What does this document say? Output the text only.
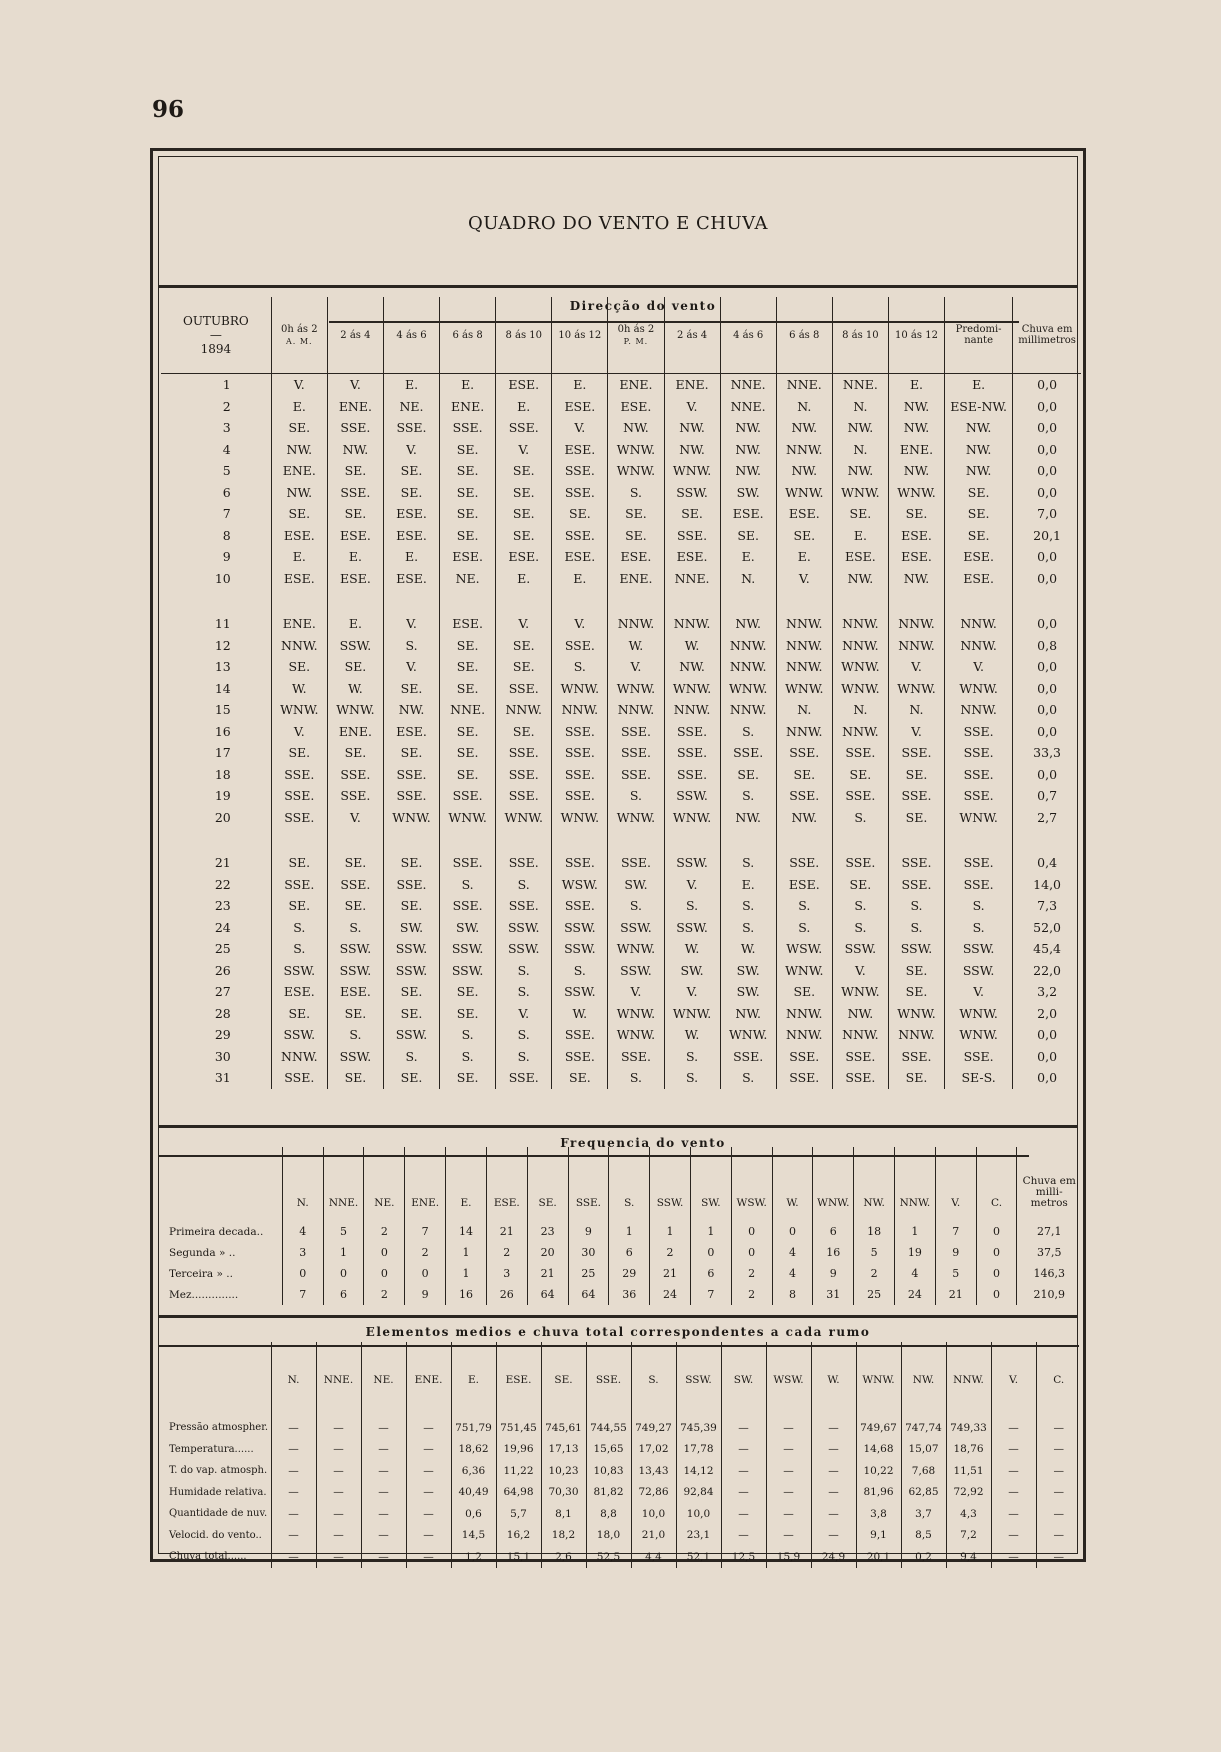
96
QUADRO DO VENTO E CHUVA
Direcção do vento
OUTUBRO
—
1894	0h ás 2
A. M.	2 ás 4	4 ás 6	6 ás 8	8 ás 10	10 ás 12	0h ás 2
P. M.	2 ás 4	4 ás 6	6 ás 8	8 ás 10	10 ás 12	Predomi-nante	Chuva em millimetros
1	V.	V.	E.	E.	ESE.	E.	ENE.	ENE.	NNE.	NNE.	NNE.	E.	E.	0,0
2	E.	ENE.	NE.	ENE.	E.	ESE.	ESE.	V.	NNE.	N.	N.	NW.	ESE-NW.	0,0
3	SE.	SSE.	SSE.	SSE.	SSE.	V.	NW.	NW.	NW.	NW.	NW.	NW.	NW.	0,0
4	NW.	NW.	V.	SE.	V.	ESE.	WNW.	NW.	NW.	NNW.	N.	ENE.	NW.	0,0
5	ENE.	SE.	SE.	SE.	SE.	SSE.	WNW.	WNW.	NW.	NW.	NW.	NW.	NW.	0,0
6	NW.	SSE.	SE.	SE.	SE.	SSE.	S.	SSW.	SW.	WNW.	WNW.	WNW.	SE.	0,0
7	SE.	SE.	ESE.	SE.	SE.	SE.	SE.	SE.	ESE.	ESE.	SE.	SE.	SE.	7,0
8	ESE.	ESE.	ESE.	SE.	SE.	SSE.	SE.	SSE.	SE.	SE.	E.	ESE.	SE.	20,1
9	E.	E.	E.	ESE.	ESE.	ESE.	ESE.	ESE.	E.	E.	ESE.	ESE.	ESE.	0,0
10	ESE.	ESE.	ESE.	NE.	E.	E.	ENE.	NNE.	N.	V.	NW.	NW.	ESE.	0,0

11	ENE.	E.	V.	ESE.	V.	V.	NNW.	NNW.	NW.	NNW.	NNW.	NNW.	NNW.	0,0
12	NNW.	SSW.	S.	SE.	SE.	SSE.	W.	W.	NNW.	NNW.	NNW.	NNW.	NNW.	0,8
13	SE.	SE.	V.	SE.	SE.	S.	V.	NW.	NNW.	NNW.	WNW.	V.	V.	0,0
14	W.	W.	SE.	SE.	SSE.	WNW.	WNW.	WNW.	WNW.	WNW.	WNW.	WNW.	WNW.	0,0
15	WNW.	WNW.	NW.	NNE.	NNW.	NNW.	NNW.	NNW.	NNW.	N.	N.	N.	NNW.	0,0
16	V.	ENE.	ESE.	SE.	SE.	SSE.	SSE.	SSE.	S.	NNW.	NNW.	V.	SSE.	0,0
17	SE.	SE.	SE.	SE.	SSE.	SSE.	SSE.	SSE.	SSE.	SSE.	SSE.	SSE.	SSE.	33,3
18	SSE.	SSE.	SSE.	SE.	SSE.	SSE.	SSE.	SSE.	SE.	SE.	SE.	SE.	SSE.	0,0
19	SSE.	SSE.	SSE.	SSE.	SSE.	SSE.	S.	SSW.	S.	SSE.	SSE.	SSE.	SSE.	0,7
20	SSE.	V.	WNW.	WNW.	WNW.	WNW.	WNW.	WNW.	NW.	NW.	S.	SE.	WNW.	2,7

21	SE.	SE.	SE.	SSE.	SSE.	SSE.	SSE.	SSW.	S.	SSE.	SSE.	SSE.	SSE.	0,4
22	SSE.	SSE.	SSE.	S.	S.	WSW.	SW.	V.	E.	ESE.	SE.	SSE.	SSE.	14,0
23	SE.	SE.	SE.	SSE.	SSE.	SSE.	S.	S.	S.	S.	S.	S.	S.	7,3
24	S.	S.	SW.	SW.	SSW.	SSW.	SSW.	SSW.	S.	S.	S.	S.	S.	52,0
25	S.	SSW.	SSW.	SSW.	SSW.	SSW.	WNW.	W.	W.	WSW.	SSW.	SSW.	SSW.	45,4
26	SSW.	SSW.	SSW.	SSW.	S.	S.	SSW.	SW.	SW.	WNW.	V.	SE.	SSW.	22,0
27	ESE.	ESE.	SE.	SE.	S.	SSW.	V.	V.	SW.	SE.	WNW.	SE.	V.	3,2
28	SE.	SE.	SE.	SE.	V.	W.	WNW.	WNW.	NW.	NNW.	NW.	WNW.	WNW.	2,0
29	SSW.	S.	SSW.	S.	S.	SSE.	WNW.	W.	WNW.	NNW.	NNW.	NNW.	WNW.	0,0
30	NNW.	SSW.	S.	S.	S.	SSE.	SSE.	S.	SSE.	SSE.	SSE.	SSE.	SSE.	0,0
31	SSE.	SE.	SE.	SE.	SSE.	SE.	S.	S.	S.	SSE.	SSE.	SE.	SE-S.	0,0
Frequencia do vento
	N.	NNE.	NE.	ENE.	E.	ESE.	SE.	SSE.	S.	SSW.	SW.	WSW.	W.	WNW.	NW.	NNW.	V.	C.	Chuva em milli-metros
Primeira decada..	4	5	2	7	14	21	23	9	1	1	1	0	0	6	18	1	7	0	27,1
Segunda » ..	3	1	0	2	1	2	20	30	6	2	0	0	4	16	5	19	9	0	37,5
Terceira » ..	0	0	0	0	1	3	21	25	29	21	6	2	4	9	2	4	5	0	146,3
Mez..............	7	6	2	9	16	26	64	64	36	24	7	2	8	31	25	24	21	0	210,9
Elementos medios e chuva total correspondentes a cada rumo
	N.	NNE.	NE.	ENE.	E.	ESE.	SE.	SSE.	S.	SSW.	SW.	WSW.	W.	WNW.	NW.	NNW.	V.	C.
Pressão atmospher.	—	—	—	—	751,79	751,45	745,61	744,55	749,27	745,39	—	—	—	749,67	747,74	749,33	—	—
Temperatura......	—	—	—	—	18,62	19,96	17,13	15,65	17,02	17,78	—	—	—	14,68	15,07	18,76	—	—
T. do vap. atmosph.	—	—	—	—	6,36	11,22	10,23	10,83	13,43	14,12	—	—	—	10,22	7,68	11,51	—	—
Humidade relativa.	—	—	—	—	40,49	64,98	70,30	81,82	72,86	92,84	—	—	—	81,96	62,85	72,92	—	—
Quantidade de nuv.	—	—	—	—	0,6	5,7	8,1	8,8	10,0	10,0	—	—	—	3,8	3,7	4,3	—	—
Velocid. do vento..	—	—	—	—	14,5	16,2	18,2	18,0	21,0	23,1	—	—	—	9,1	8,5	7,2	—	—
Chuva total......	—	—	—	—	1,2	15,1	2,6	52,5	4,4	52,1	12,5	15,9	24,9	20,1	0,2	9,4	—	—
